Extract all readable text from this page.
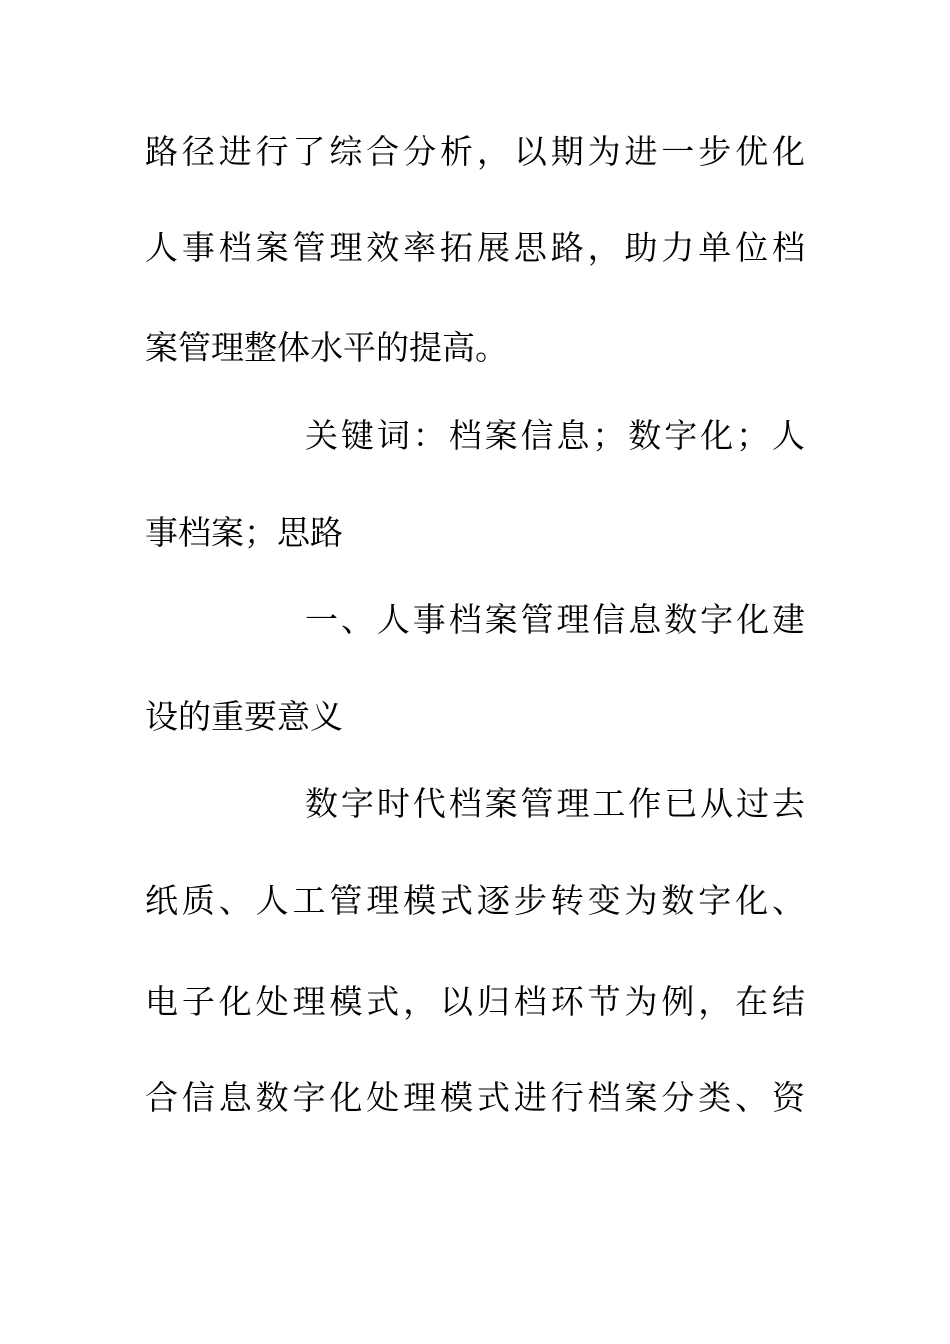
路径进行了综合分析，以期为进一步优化
人事档案管理效率拓展思路，助力单位档
案管理整体水平的提高。
关键词：档案信息；数字化；人
事档案；思路
一、人事档案管理信息数字化建
设的重要意义
数字时代档案管理工作已从过去
纸质、人工管理模式逐步转变为数字化、
电子化处理模式，以归档环节为例，在结
合信息数字化处理模式进行档案分类、资
